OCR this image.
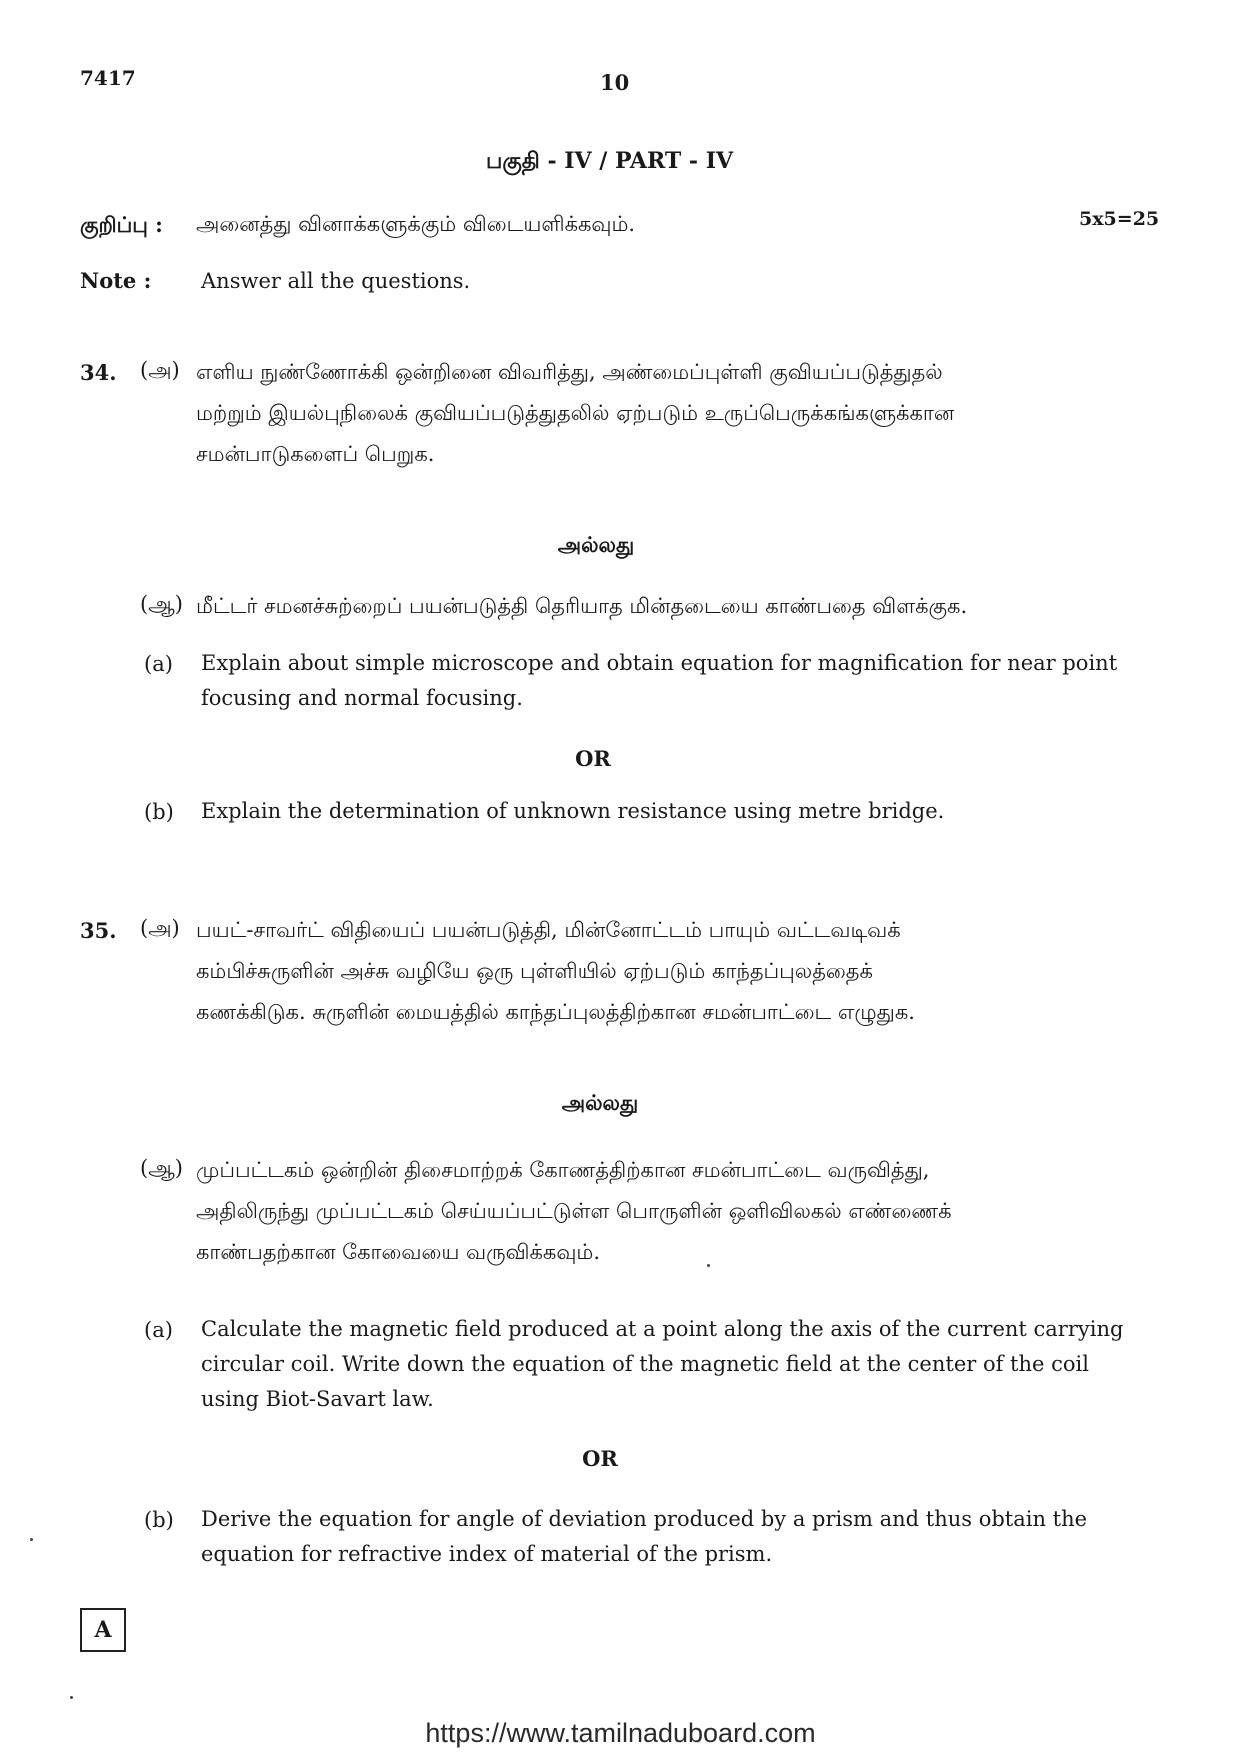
7417	10
பகுதி - IV / PART - IV
குறிப்பு : அனைத்து வினாக்களுக்கும் விடையளிக்கவும்.	5x5=25
Note : Answer all the questions.
34. (அ) எளிய நுண்ணோக்கி ஒன்றினை விவரித்து, அண்மைப்புள்ளி குவியப்படுத்துதல்
மற்றும் இயல்புநிலைக் குவியப்படுத்துதலில் ஏற்படும் உருப்பெருக்கங்களுக்கான
சமன்பாடுகளைப் பெறுக.
அல்லது
(ஆ) மீட்டர் சமனச்சுற்றைப் பயன்படுத்தி தெரியாத மின்தடையை காண்பதை விளக்குக.
(a) Explain about simple microscope and obtain equation for magnification for near point
focusing and normal focusing.
OR
(b) Explain the determination of unknown resistance using metre bridge.
35. (அ) பயட்-சாவர்ட் விதியைப் பயன்படுத்தி, மின்னோட்டம் பாயும் வட்டவடிவக்
கம்பிச்சுருளின் அச்சு வழியே ஒரு புள்ளியில் ஏற்படும் காந்தப்புலத்தைக்
கணக்கிடுக. சுருளின் மையத்தில் காந்தப்புலத்திற்கான சமன்பாட்டை எழுதுக.
அல்லது
(ஆ) முப்பட்டகம் ஒன்றின் திசைமாற்றக் கோணத்திற்கான சமன்பாட்டை வருவித்து,
அதிலிருந்து முப்பட்டகம் செய்யப்பட்டுள்ள பொருளின் ஒளிவிலகல் எண்ணைக்
காண்பதற்கான கோவையை வருவிக்கவும்.
(a) Calculate the magnetic field produced at a point along the axis of the current carrying
circular coil. Write down the equation of the magnetic field at the center of the coil
using Biot-Savart law.
OR
(b) Derive the equation for angle of deviation produced by a prism and thus obtain the
equation for refractive index of material of the prism.
A
https://www.tamilnaduboard.com
